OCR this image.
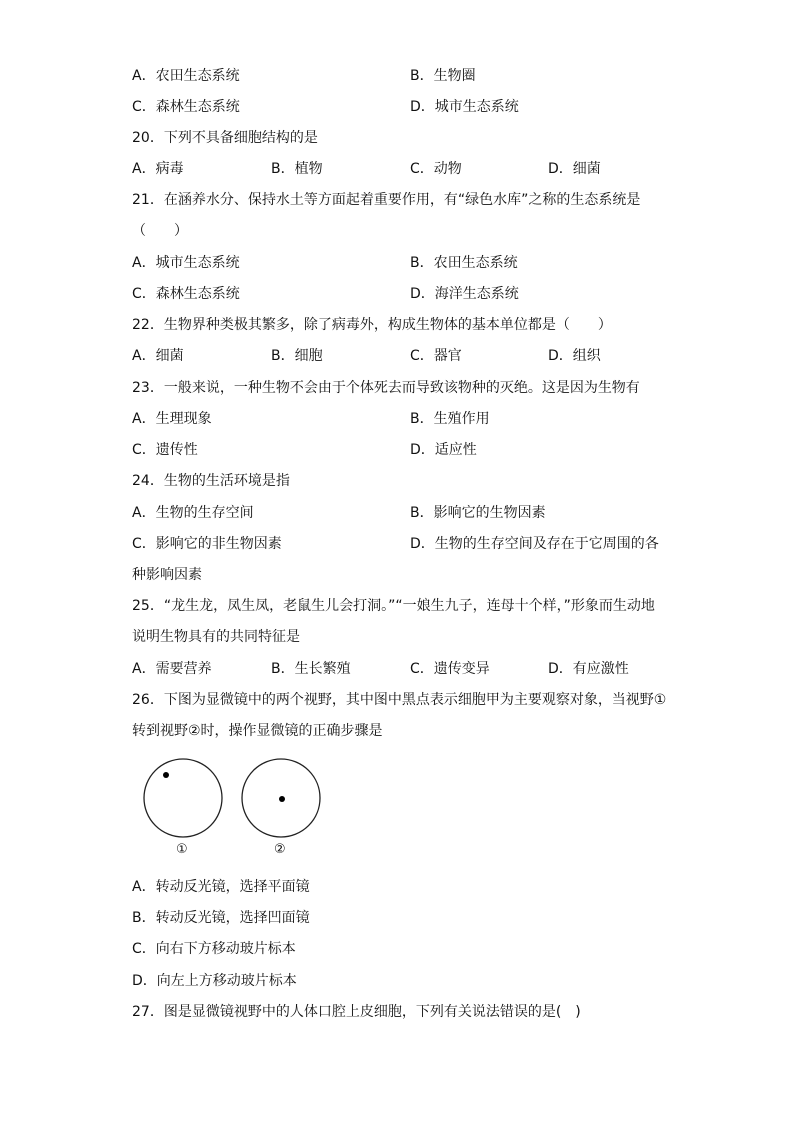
A．农田生态系统	B．生物圈
C．森林生态系统	D．城市生态系统
20．下列不具备细胞结构的是
A．病毒	B．植物	C．动物	D．细菌
21．在涵养水分、保持水土等方面起着重要作用，有“绿色水库”之称的生态系统是
（　　）
A．城市生态系统	B．农田生态系统
C．森林生态系统	D．海洋生态系统
22．生物界种类极其繁多，除了病毒外，构成生物体的基本单位都是（　　）
A．细菌	B．细胞	C．器官	D．组织
23．一般来说，一种生物不会由于个体死去而导致该物种的灭绝。这是因为生物有
A．生理现象	B．生殖作用
C．遗传性	D．适应性
24．生物的生活环境是指
A．生物的生存空间	B．影响它的生物因素
C．影响它的非生物因素	D．生物的生存空间及存在于它周围的各
种影响因素
25．“龙生龙，凤生凤，老鼠生儿会打洞。”“一娘生九子，连母十个样，”形象而生动地
说明生物具有的共同特征是
A．需要营养	B．生长繁殖	C．遗传变异	D．有应激性
26．下图为显微镜中的两个视野，其中图中黑点表示细胞甲为主要观察对象，当视野①
转到视野②时，操作显微镜的正确步骤是
①	②
A．转动反光镜，选择平面镜
B．转动反光镜，选择凹面镜
C．向右下方移动玻片标本
D．向左上方移动玻片标本
27．图是显微镜视野中的人体口腔上皮细胞，下列有关说法错误的是(　)
